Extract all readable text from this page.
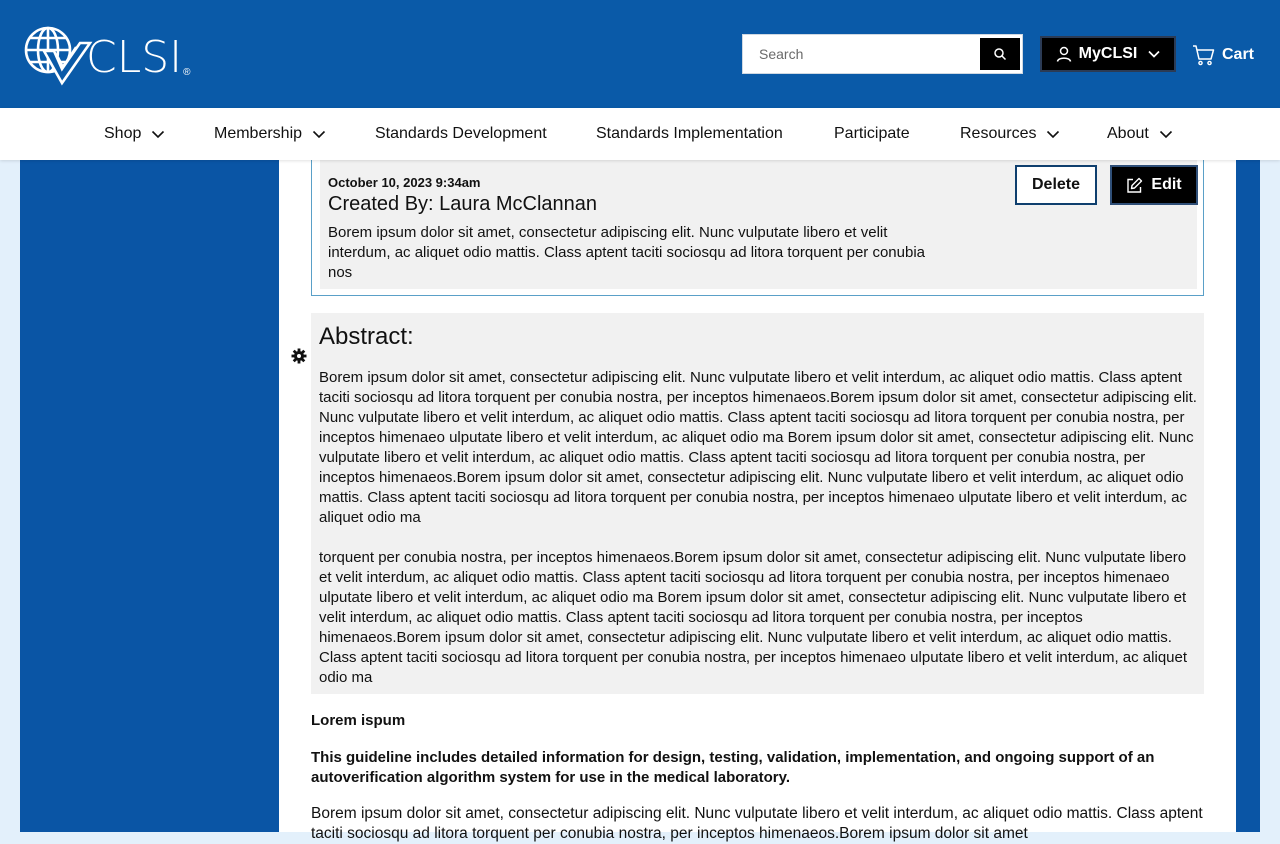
CLSI ®
Search
MyCLSI	Cart
Shop	Membership	Standards Development	Standards Implementation	Participate	Resources	About
October 10, 2023 9:34am
Created By: Laura McClannan
Borem ipsum dolor sit amet, consectetur adipiscing elit. Nunc vulputate libero et velit interdum, ac aliquet odio mattis. Class aptent taciti sociosqu ad litora torquent per conubia nos
Delete	Edit
Abstract:

Borem ipsum dolor sit amet, consectetur adipiscing elit. Nunc vulputate libero et velit interdum, ac aliquet odio mattis. Class aptent taciti sociosqu ad litora torquent per conubia nostra, per inceptos himenaeos.Borem ipsum dolor sit amet, consectetur adipiscing elit. Nunc vulputate libero et velit interdum, ac aliquet odio mattis. Class aptent taciti sociosqu ad litora torquent per conubia nostra, per inceptos himenaeo ulputate libero et velit interdum, ac aliquet odio ma Borem ipsum dolor sit amet, consectetur adipiscing elit. Nunc vulputate libero et velit interdum, ac aliquet odio mattis. Class aptent taciti sociosqu ad litora torquent per conubia nostra, per inceptos himenaeos.Borem ipsum dolor sit amet, consectetur adipiscing elit. Nunc vulputate libero et velit interdum, ac aliquet odio mattis. Class aptent taciti sociosqu ad litora torquent per conubia nostra, per inceptos himenaeo ulputate libero et velit interdum, ac aliquet odio ma

torquent per conubia nostra, per inceptos himenaeos.Borem ipsum dolor sit amet, consectetur adipiscing elit. Nunc vulputate libero et velit interdum, ac aliquet odio mattis. Class aptent taciti sociosqu ad litora torquent per conubia nostra, per inceptos himenaeo ulputate libero et velit interdum, ac aliquet odio ma Borem ipsum dolor sit amet, consectetur adipiscing elit. Nunc vulputate libero et velit interdum, ac aliquet odio mattis. Class aptent taciti sociosqu ad litora torquent per conubia nostra, per inceptos himenaeos.Borem ipsum dolor sit amet, consectetur adipiscing elit. Nunc vulputate libero et velit interdum, ac aliquet odio mattis. Class aptent taciti sociosqu ad litora torquent per conubia nostra, per inceptos himenaeo ulputate libero et velit interdum, ac aliquet odio ma

Lorem ispum
This guideline includes detailed information for design, testing, validation, implementation, and ongoing support of an autoverification algorithm system for use in the medical laboratory.

Borem ipsum dolor sit amet, consectetur adipiscing elit. Nunc vulputate libero et velit interdum, ac aliquet odio mattis. Class aptent taciti sociosqu ad litora torquent per conubia nostra, per inceptos himenaeos.Borem ipsum dolor sit amet
